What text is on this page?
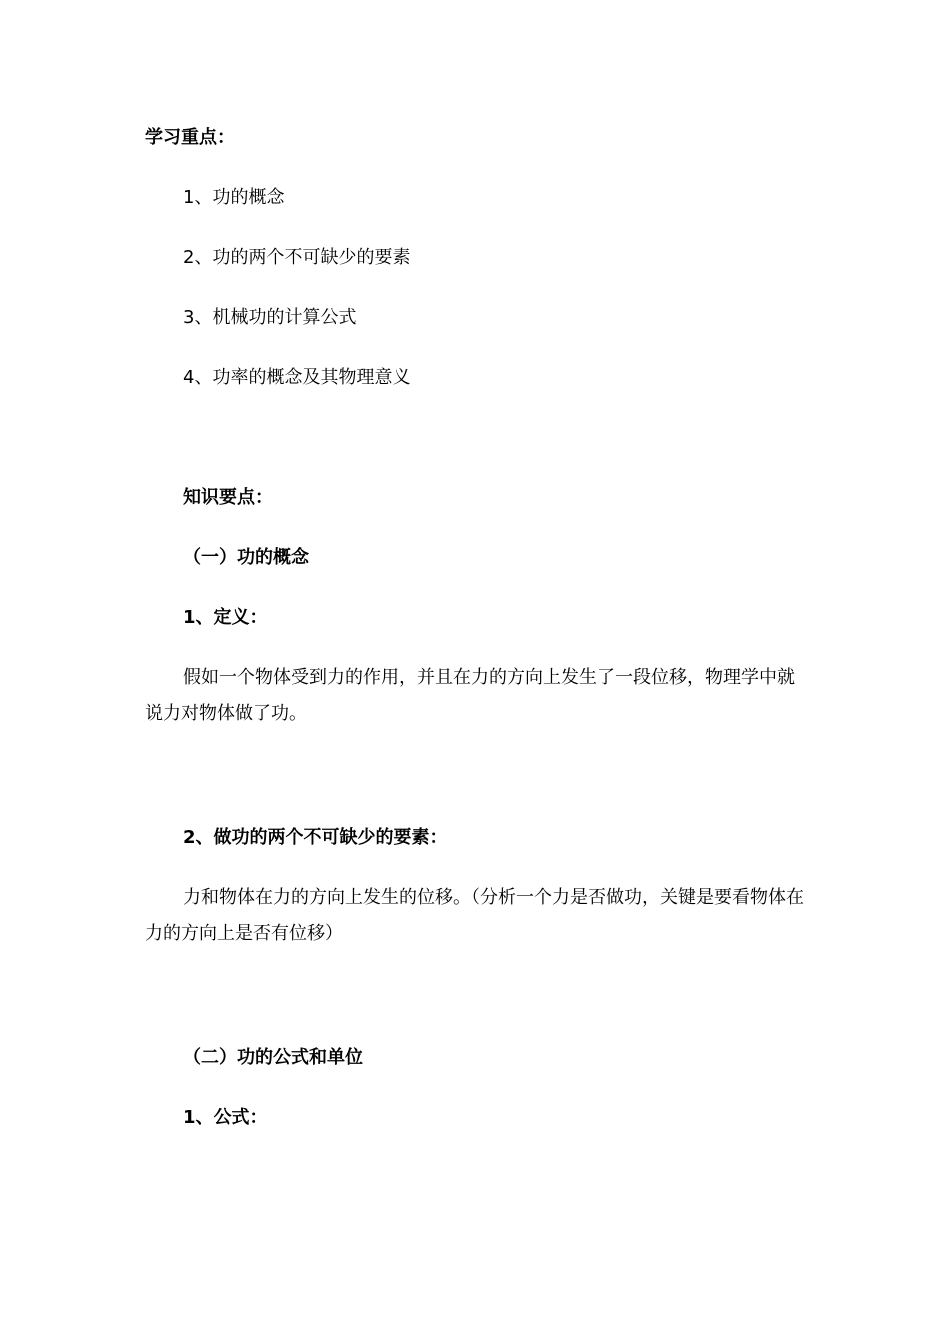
学习重点：
1、功的概念
2、功的两个不可缺少的要素
3、机械功的计算公式
4、功率的概念及其物理意义
知识要点：
（一）功的概念
1、定义：
假如一个物体受到力的作用，并且在力的方向上发生了一段位移，物理学中就说力对物体做了功。
2、做功的两个不可缺少的要素：
力和物体在力的方向上发生的位移。（分析一个力是否做功，关键是要看物体在力的方向上是否有位移）
（二）功的公式和单位
1、公式：
